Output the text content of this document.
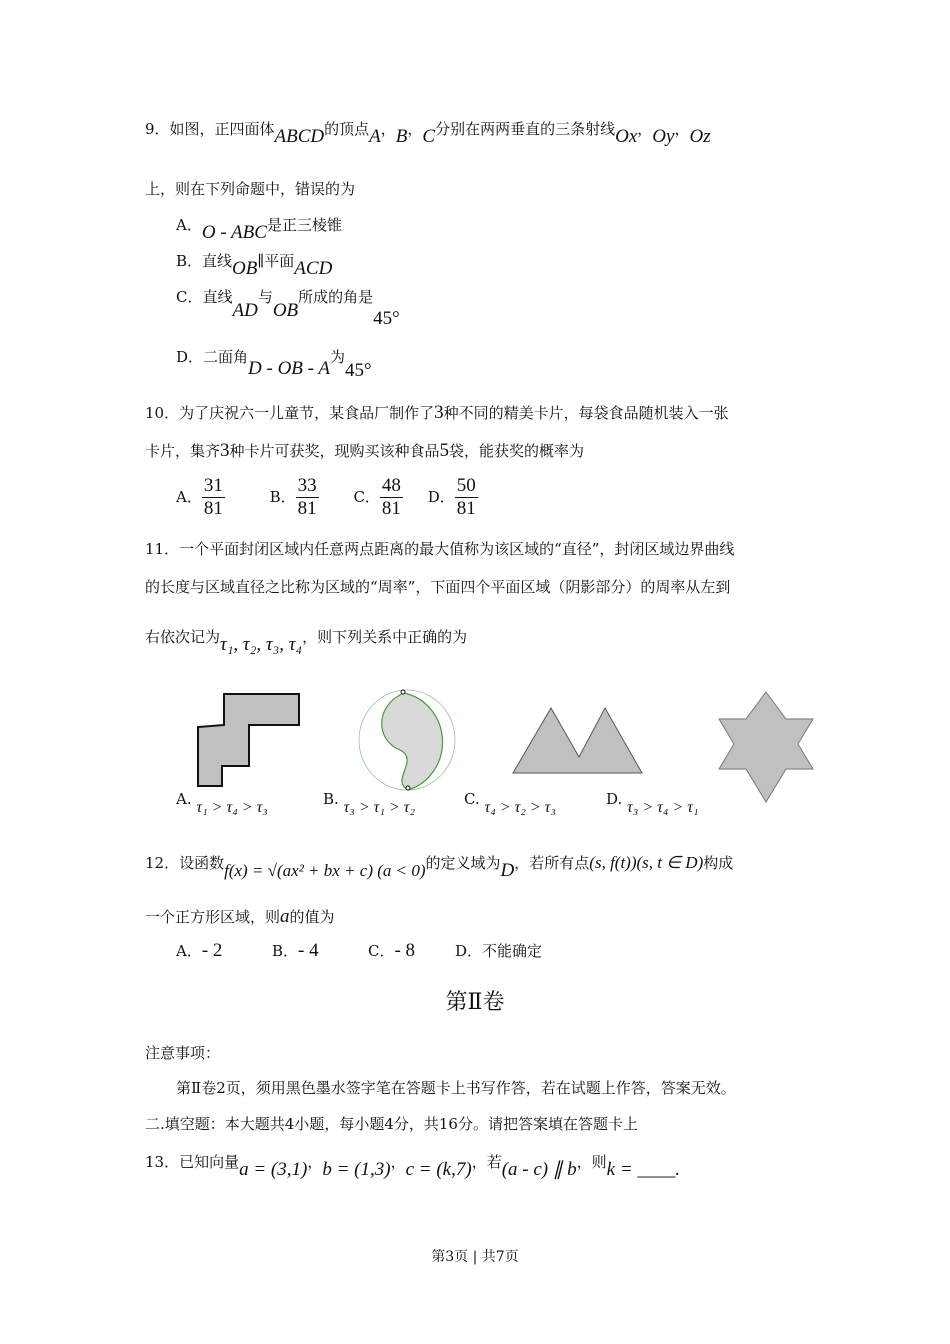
9．如图，正四面体ABCD的顶点A，B，C分别在两两垂直的三条射线Ox，Oy，Oz
上，则在下列命题中，错误的为
A．O - ABC是正三棱锥
B．直线OB∥平面ACD
C．直线AD与OB所成的角是45°
D．二面角D - OB - A为45°
10．为了庆祝六一儿童节，某食品厂制作了3种不同的精美卡片，每袋食品随机装入一张
卡片，集齐3种卡片可获奖，现购买该种食品5袋，能获奖的概率为
A． $\frac{31}{81}$	B． $\frac{33}{81}$ C． $\frac{48}{81}$ D． $\frac{50}{81}$
11．一个平面封闭区域内任意两点距离的最大值称为该区域的“直径”，封闭区域边界曲线
的长度与区域直径之比称为区域的“周率”，下面四个平面区域（阴影部分）的周率从左到
右依次记为τ₁, τ₂, τ₃, τ₄，则下列关系中正确的为
A. τ₁ > τ₄ > τ₃	B. τ₃ > τ₁ > τ₂	C. τ₄ > τ₂ > τ₃	D. τ₃ > τ₄ > τ₁
12．设函数f(x) = √(ax² + bx + c) (a < 0)的定义域为D，若所有点(s, f(t))(s, t ∈ D)构成
一个正方形区域，则a的值为
A．- 2	B．- 4	C．- 8	D．不能确定
第Ⅱ卷
注意事项：
第Ⅱ卷2页，须用黑色墨水签字笔在答题卡上书写作答，若在试题上作答，答案无效。
二.填空题：本大题共4小题，每小题4分，共16分。请把答案填在答题卡上
13．已知向量a = (3,1)，b = (1,3)，c = (k,7)，若(a - c) ∥ b，则k = ____.
第3页 | 共7页
